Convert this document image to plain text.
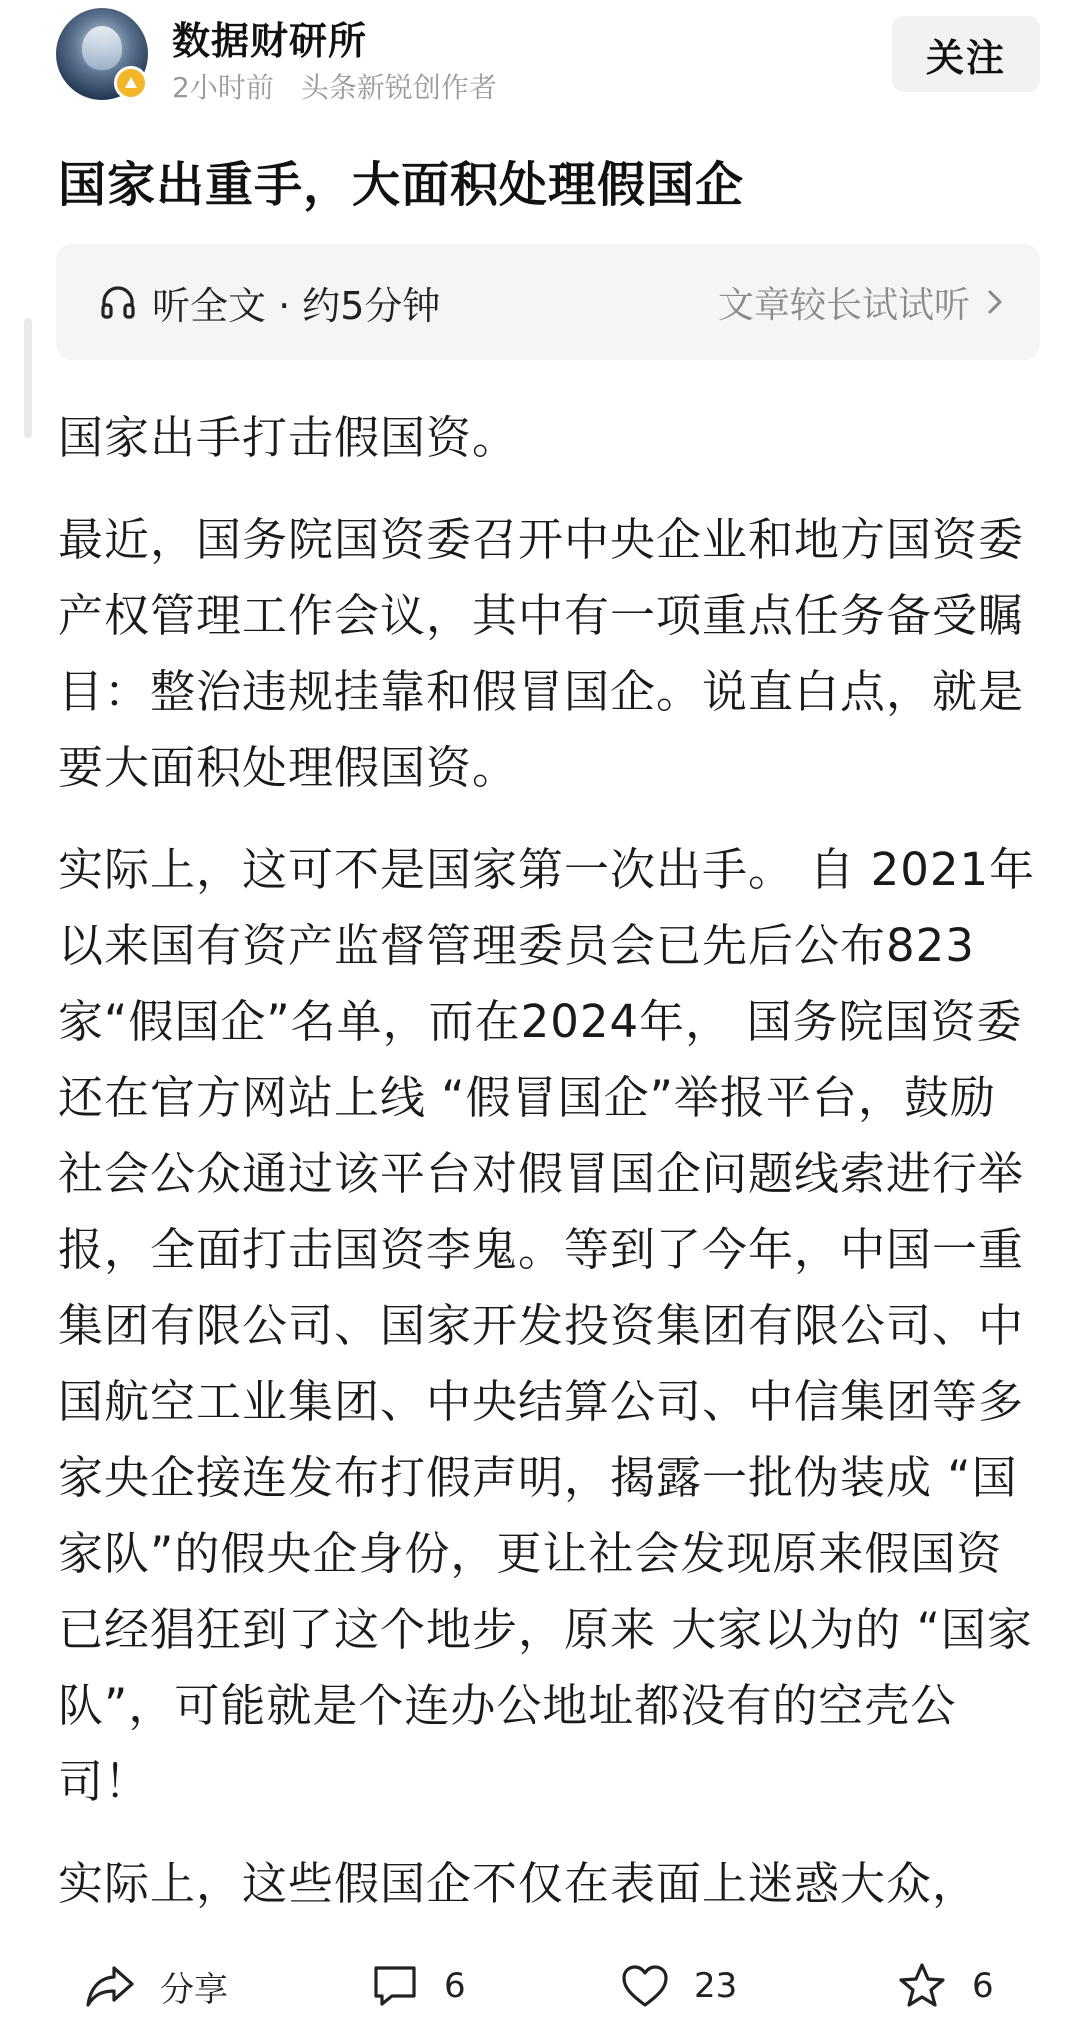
数据财研所
2小时前 头条新锐创作者
关注
国家出重手，大面积处理假国企
听全文 · 约5分钟	文章较长试试听

国家出手打击假国资。

最近，国务院国资委召开中央企业和地方国资委产权管理工作会议，其中有一项重点任务备受瞩目：整治违规挂靠和假冒国企。说直白点，就是要大面积处理假国资。

实际上，这可不是国家第一次出手。 自 2021年以来国有资产监督管理委员会已先后公布823家“假国企”名单，而在2024年， 国务院国资委还在官方网站上线 “假冒国企”举报平台，鼓励社会公众通过该平台对假冒国企问题线索进行举报，全面打击国资李鬼。等到了今年，中国一重集团有限公司、国家开发投资集团有限公司、中国航空工业集团、中央结算公司、中信集团等多家央企接连发布打假声明，揭露一批伪装成 “国家队”的假央企身份，更让社会发现原来假国资已经猖狂到了这个地步，原来 大家以为的 “国家队”，可能就是个连办公地址都没有的空壳公司！

实际上，这些假国企不仅在表面上迷惑大众，

分享	6	23	6
